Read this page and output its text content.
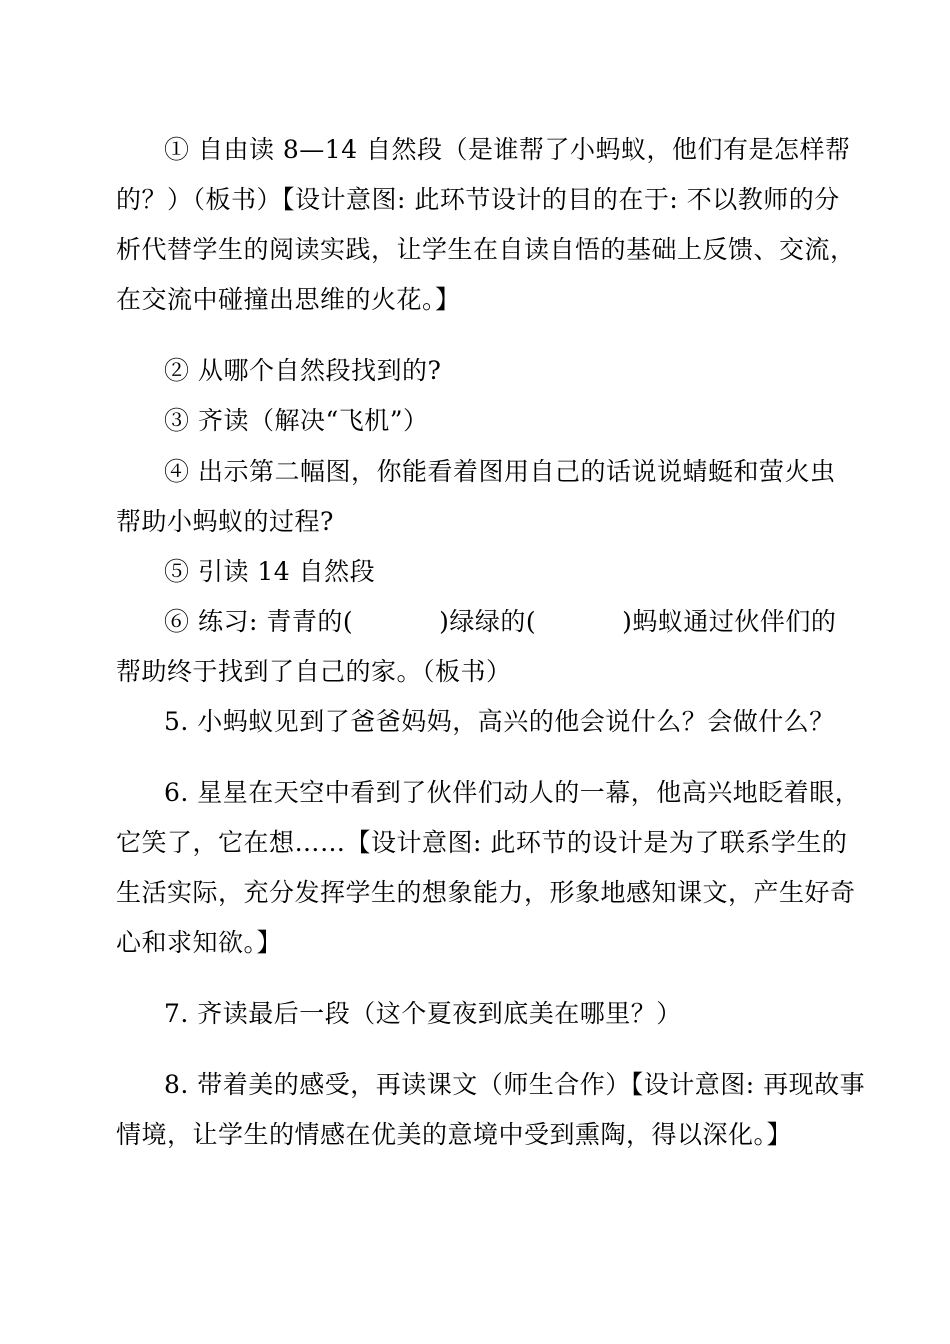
① 自由读 8—14 自然段（是谁帮了小蚂蚁，他们有是怎样帮
的？）（板书）【设计意图: 此环节设计的目的在于: 不以教师的分
析代替学生的阅读实践，让学生在自读自悟的基础上反馈、交流，
在交流中碰撞出思维的火花。】
② 从哪个自然段找到的?
③ 齐读（解决“飞机”）
④ 出示第二幅图，你能看着图用自己的话说说蜻蜓和萤火虫
帮助小蚂蚁的过程?
⑤ 引读 14 自然段
⑥ 练习: 青青的(	)绿绿的(	)蚂蚁通过伙伴们的
帮助终于找到了自己的家。（板书）
5. 小蚂蚁见到了爸爸妈妈，高兴的他会说什么？会做什么？
6. 星星在天空中看到了伙伴们动人的一幕，他高兴地眨着眼，
它笑了，它在想……【设计意图: 此环节的设计是为了联系学生的
生活实际，充分发挥学生的想象能力，形象地感知课文，产生好奇
心和求知欲。】
7. 齐读最后一段（这个夏夜到底美在哪里？）
8. 带着美的感受，再读课文（师生合作）【设计意图: 再现故事
情境，让学生的情感在优美的意境中受到熏陶，得以深化。】
